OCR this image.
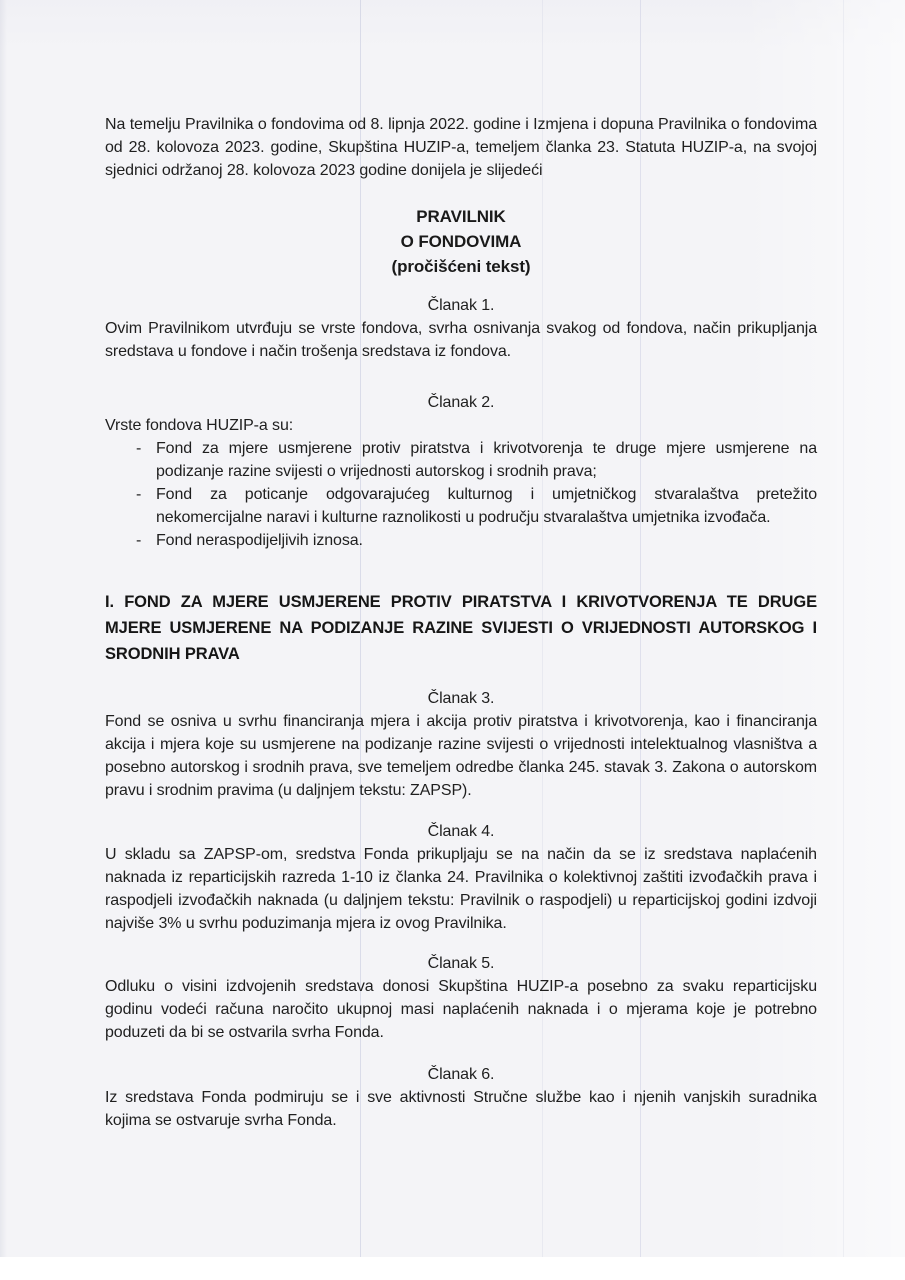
Na temelju Pravilnika o fondovima od 8. lipnja 2022. godine i Izmjena i dopuna Pravilnika o fondovima od 28. kolovoza 2023. godine, Skupština HUZIP-a, temeljem članka 23. Statuta HUZIP-a, na svojoj sjednici održanoj 28. kolovoza 2023 godine donijela je slijedeći

PRAVILNIK
O FONDOVIMA
(pročišćeni tekst)
Članak 1.

Ovim Pravilnikom utvrđuju se vrste fondova, svrha osnivanja svakog od fondova, način prikupljanja sredstava u fondove i način trošenja sredstava iz fondova.

Članak 2.

Vrste fondova HUZIP-a su:

- Fond za mjere usmjerene protiv piratstva i krivotvorenja te druge mjere usmjerene na podizanje razine svijesti o vrijednosti autorskog i srodnih prava;

- Fond za poticanje odgovarajućeg kulturnog i umjetničkog stvaralaštva pretežito nekomercijalne naravi i kulturne raznolikosti u području stvaralaštva umjetnika izvođača.

- Fond neraspodijeljivih iznosa.

I. FOND ZA MJERE USMJERENE PROTIV PIRATSTVA I KRIVOTVORENJA TE DRUGE MJERE USMJERENE NA PODIZANJE RAZINE SVIJESTI O VRIJEDNOSTI AUTORSKOG I SRODNIH PRAVA
Članak 3.

Fond se osniva u svrhu financiranja mjera i akcija protiv piratstva i krivotvorenja, kao i financiranja akcija i mjera koje su usmjerene na podizanje razine svijesti o vrijednosti intelektualnog vlasništva a posebno autorskog i srodnih prava, sve temeljem odredbe članka 245. stavak 3. Zakona o autorskom pravu i srodnim pravima (u daljnjem tekstu: ZAPSP).

Članak 4.

U skladu sa ZAPSP-om, sredstva Fonda prikupljaju se na način da se iz sredstava naplaćenih naknada iz reparticijskih razreda 1-10 iz članka 24. Pravilnika o kolektivnoj zaštiti izvođačkih prava i raspodjeli izvođačkih naknada (u daljnjem tekstu: Pravilnik o raspodjeli) u reparticijskoj godini izdvoji najviše 3% u svrhu poduzimanja mjera iz ovog Pravilnika.

Članak 5.

Odluku o visini izdvojenih sredstava donosi Skupština HUZIP-a posebno za svaku reparticijsku godinu vodeći računa naročito ukupnoj masi naplaćenih naknada i o mjerama koje je potrebno poduzeti da bi se ostvarila svrha Fonda.

Članak 6.

Iz sredstava Fonda podmiruju se i sve aktivnosti Stručne službe kao i njenih vanjskih suradnika kojima se ostvaruje svrha Fonda.
